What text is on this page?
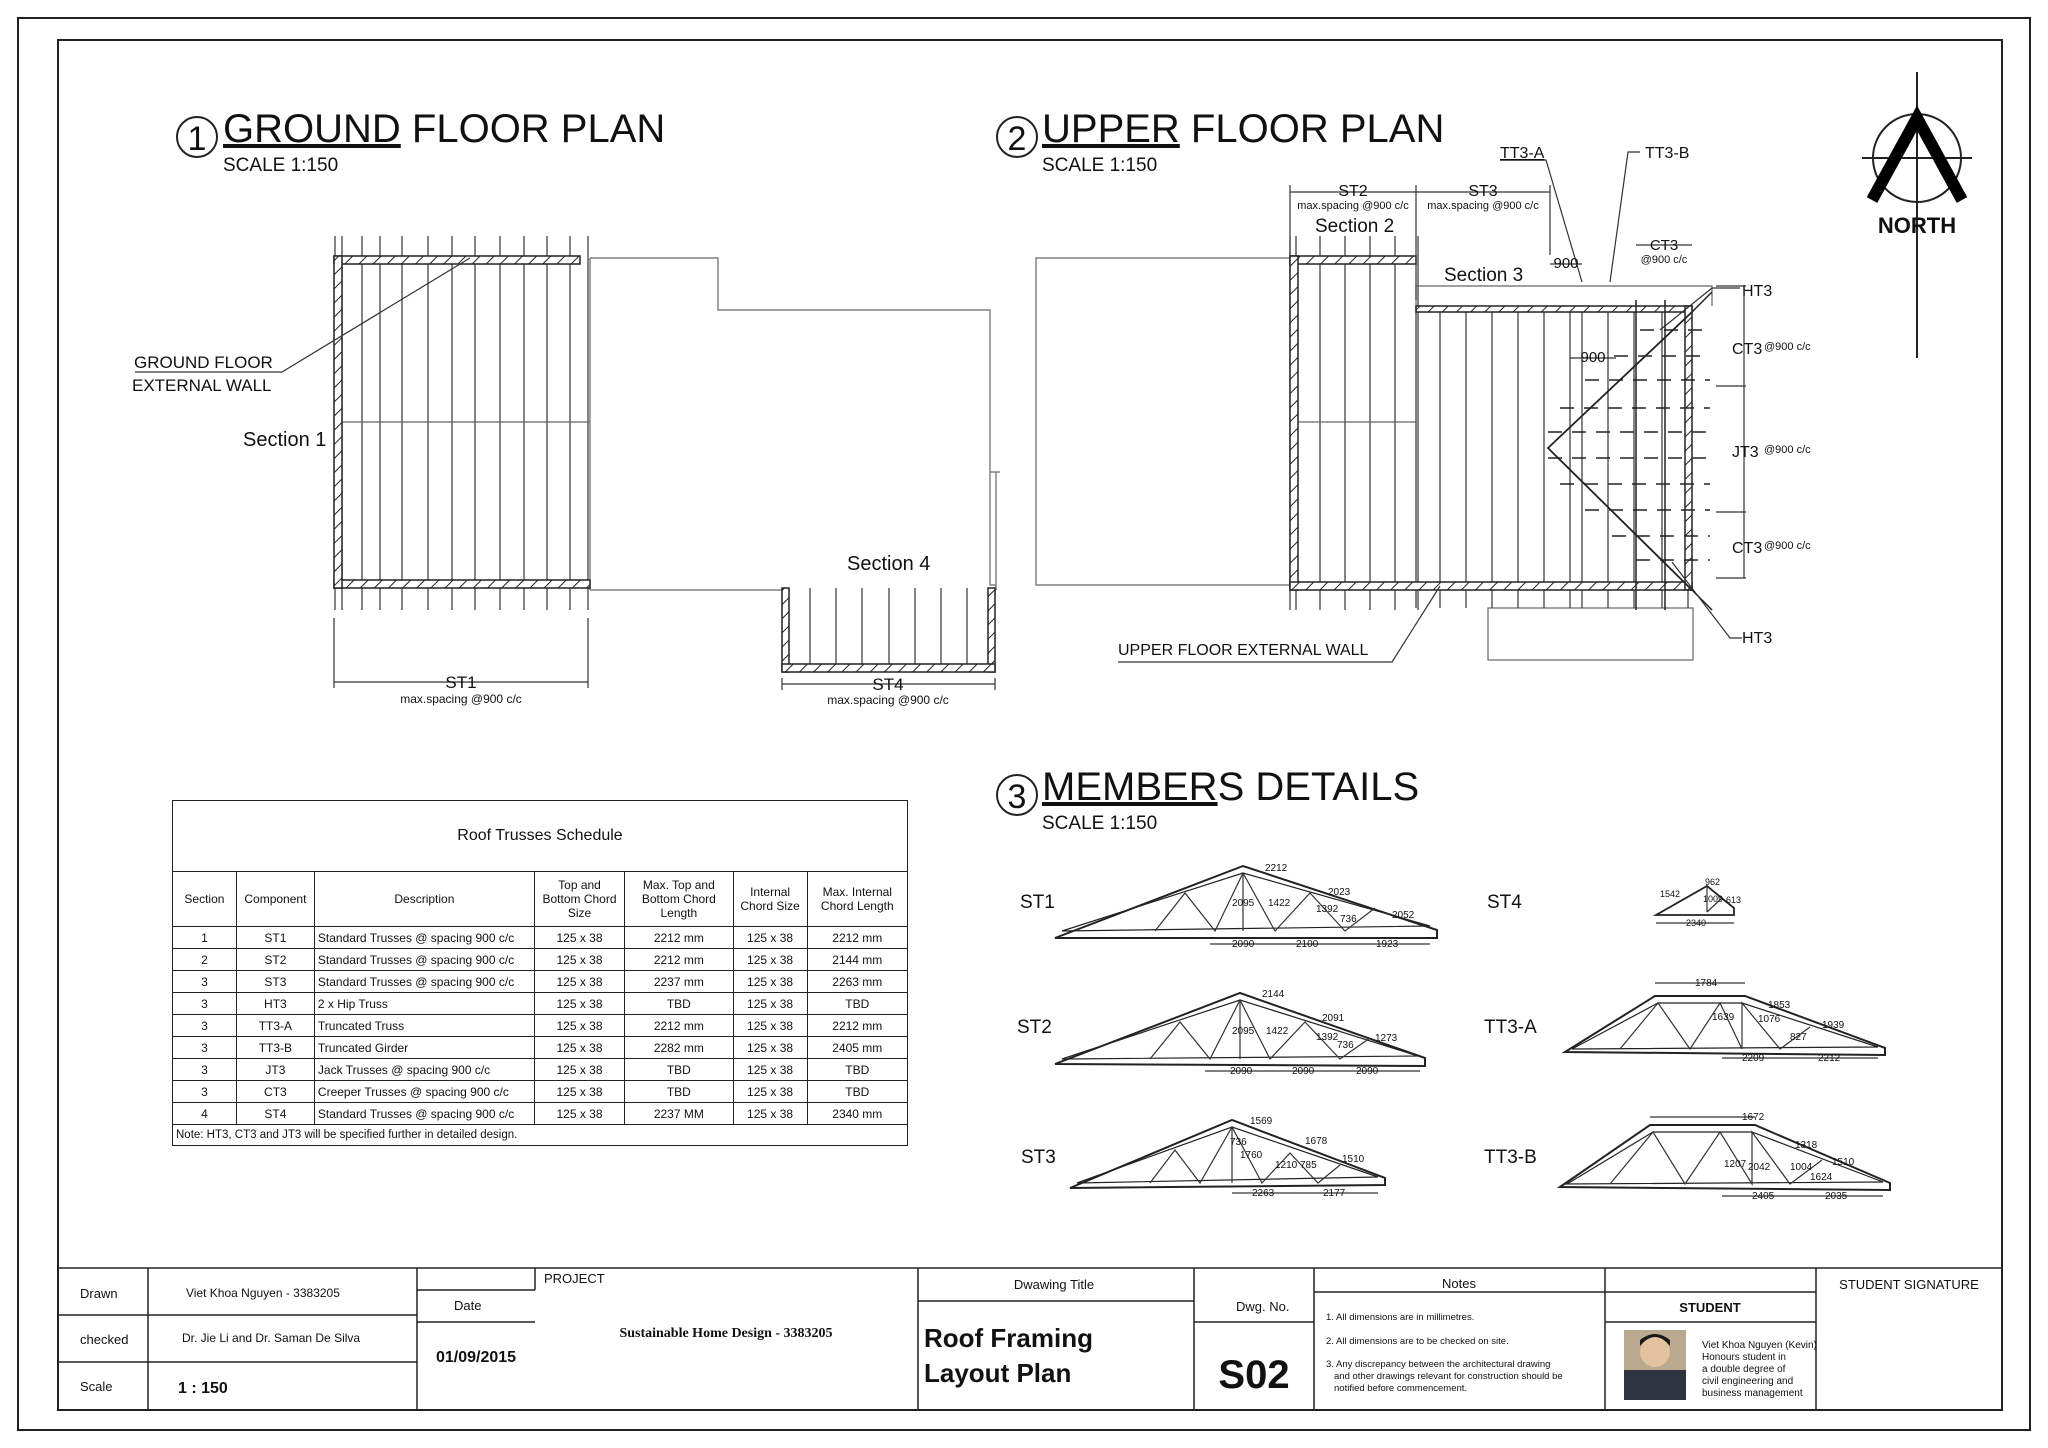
1 GROUND FLOOR PLAN
SCALE 1:150
2 UPPER FLOOR PLAN
SCALE 1:150
3 MEMBERS DETAILS
SCALE 1:150
NORTH
GROUND FLOOR
EXTERNAL WALL
Section 1
ST1
max.spacing @900 c/c
Section 4
ST4
max.spacing @900 c/c
UPPER FLOOR EXTERNAL WALL
ST2
max.spacing @900 c/c
ST3
max.spacing @900 c/c
Section 2
Section 3
TT3-A	TT3-B
900
900
CT3
@900 c/c
HT3
HT3
CT3 @900 c/c
JT3 @900 c/c
CT3 @900 c/c
ST1
2212
2023
2095 1422
1392
736	2052
2090	2100	1923
ST2
2144
2091
2095 1422
1392
736
1273
2090	2090	2090
ST3
1569
1678
736
1760
1210 785
1510
2263	2177
ST4	1542
962
613
1009
2340
TT3-A
1784
1639
1853
1939
1076
827
2209	2212
TT3-B
1672
1207 2042
1318
1510
1004
1624
2405	2035
Drawn	Viet Khoa Nguyen - 3383205
checked	Dr. Jie Li and Dr. Saman De Silva
Scale	1 : 150
Date
01/09/2015
PROJECT
Sustainable Home Design - 3383205
Dwawing Title
Roof Framing
Layout Plan
Dwg. No.
S02
Notes
1. All dimensions are in millimetres.
2. All dimensions are to be checked on site.
3. Any discrepancy between the architectural drawing
and other drawings relevant for construction should be
notified before commencement.
STUDENT
Viet Khoa Nguyen (Kevin)
Honours student in
a double degree of
civil engineering and
business management
STUDENT SIGNATURE
Roof Trusses Schedule						
Section	Component	Description	Top and Bottom Chord Size	Max. Top and Bottom Chord Length	Internal Chord Size	Max. Internal Chord Length
1	ST1	Standard Trusses @ spacing 900 c/c	125 x 38	2212 mm	125 x 38	2212 mm
2	ST2	Standard Trusses @ spacing 900 c/c	125 x 38	2212 mm	125 x 38	2144 mm
3	ST3	Standard Trusses @ spacing 900 c/c	125 x 38	2237 mm	125 x 38	2263 mm
3	HT3	2 x Hip Truss	125 x 38	TBD	125 x 38	TBD
3	TT3-A	Truncated Truss	125 x 38	2212 mm	125 x 38	2212 mm
3	TT3-B	Truncated Girder	125 x 38	2282 mm	125 x 38	2405 mm
3	JT3	Jack Trusses @ spacing 900 c/c	125 x 38	TBD	125 x 38	TBD
3	CT3	Creeper Trusses @ spacing 900 c/c	125 x 38	TBD	125 x 38	TBD
4	ST4	Standard Trusses @ spacing 900 c/c	125 x 38	2237 MM	125 x 38	2340 mm
Note: HT3, CT3 and JT3 will be specified further in detailed design.						
